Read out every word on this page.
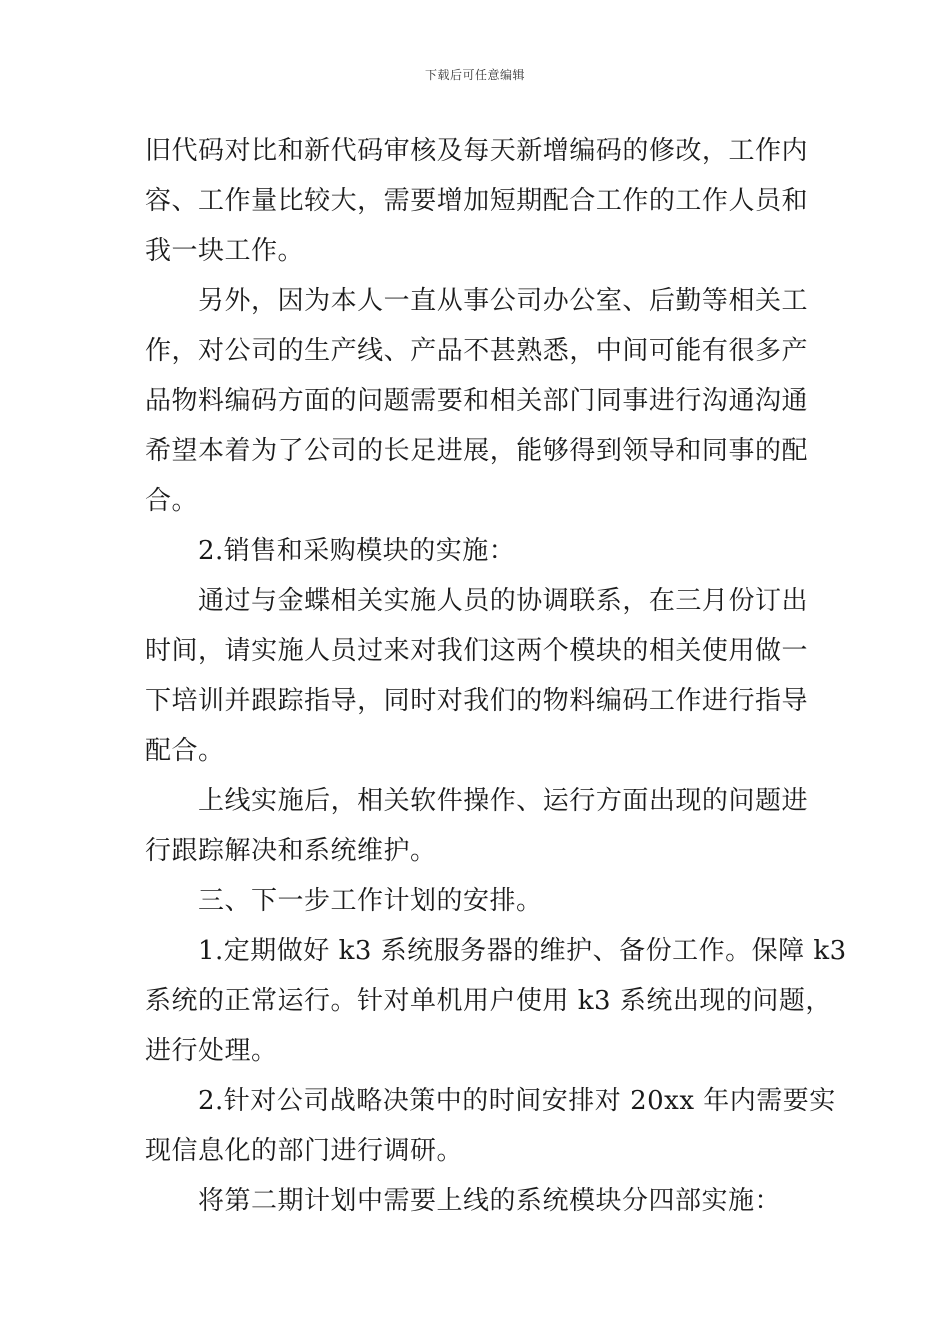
下载后可任意编辑
旧代码对比和新代码审核及每天新增编码的修改，工作内
容、工作量比较大，需要增加短期配合工作的工作人员和
我一块工作。
另外，因为本人一直从事公司办公室、后勤等相关工
作，对公司的生产线、产品不甚熟悉，中间可能有很多产
品物料编码方面的问题需要和相关部门同事进行沟通沟通
希望本着为了公司的长足进展，能够得到领导和同事的配
合。
2.销售和采购模块的实施：
通过与金蝶相关实施人员的协调联系，在三月份订出
时间，请实施人员过来对我们这两个模块的相关使用做一
下培训并跟踪指导，同时对我们的物料编码工作进行指导
配合。
上线实施后，相关软件操作、运行方面出现的问题进
行跟踪解决和系统维护。
三、下一步工作计划的安排。
1.定期做好 k3 系统服务器的维护、备份工作。保障 k3
系统的正常运行。针对单机用户使用 k3 系统出现的问题，
进行处理。
2.针对公司战略决策中的时间安排对 20xx 年内需要实
现信息化的部门进行调研。
将第二期计划中需要上线的系统模块分四部实施：
